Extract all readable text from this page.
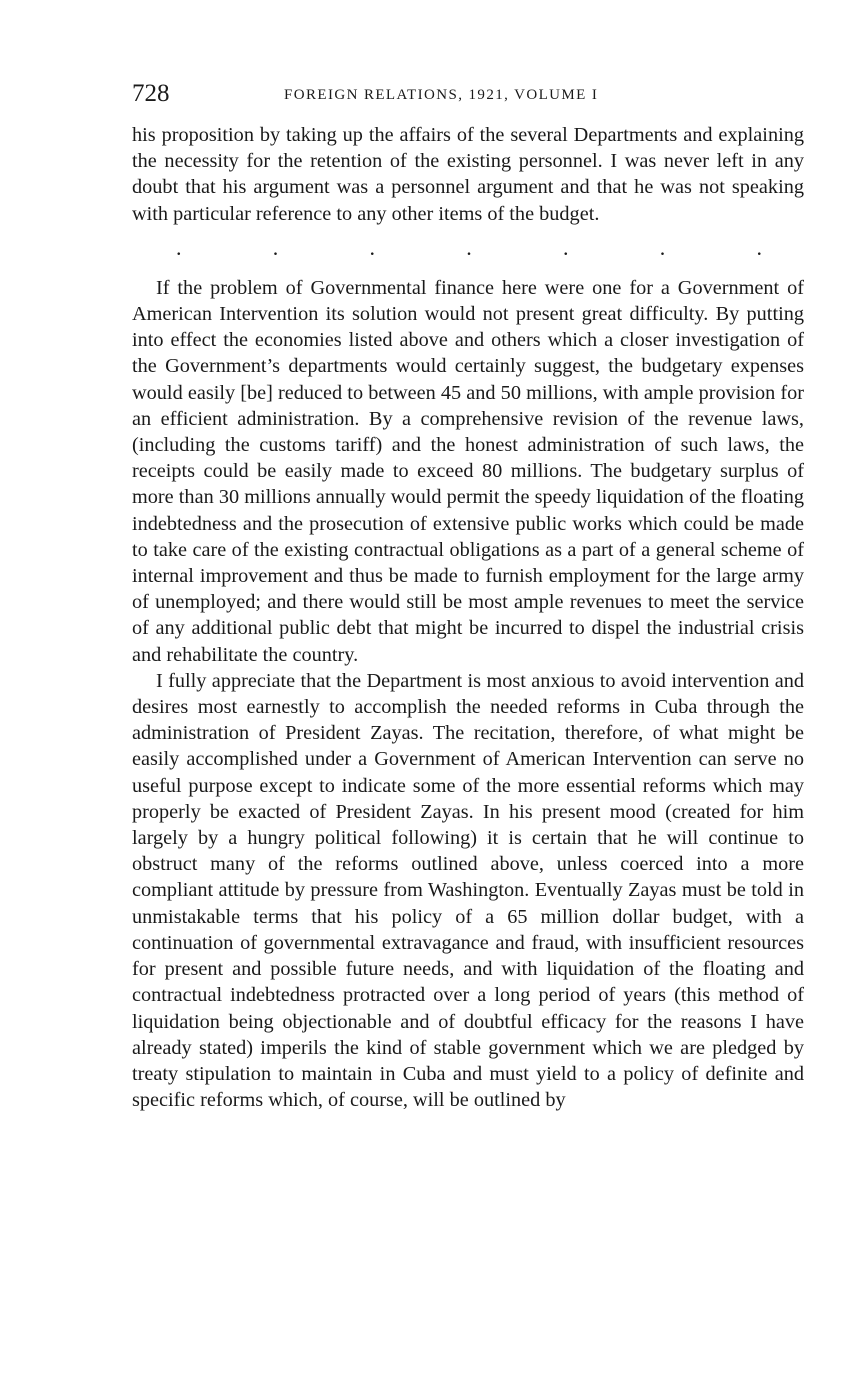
728	FOREIGN RELATIONS, 1921, VOLUME I

his proposition by taking up the affairs of the several Departments and explaining the necessity for the retention of the existing personnel. I was never left in any doubt that his argument was a personnel argument and that he was not speaking with particular reference to any other items of the budget.

.	.	.	.	.	.	.

If the problem of Governmental finance here were one for a Government of American Intervention its solution would not present great difficulty. By putting into effect the economies listed above and others which a closer investigation of the Government’s departments would certainly suggest, the budgetary expenses would easily [be] reduced to between 45 and 50 millions, with ample provision for an efficient administration. By a comprehensive revision of the revenue laws, (including the customs tariff) and the honest administration of such laws, the receipts could be easily made to exceed 80 millions. The budgetary surplus of more than 30 millions annually would permit the speedy liquidation of the floating indebtedness and the prosecution of extensive public works which could be made to take care of the existing contractual obligations as a part of a general scheme of internal improvement and thus be made to furnish employment for the large army of unemployed; and there would still be most ample revenues to meet the service of any additional public debt that might be incurred to dispel the industrial crisis and rehabilitate the country.

I fully appreciate that the Department is most anxious to avoid intervention and desires most earnestly to accomplish the needed reforms in Cuba through the administration of President Zayas. The recitation, therefore, of what might be easily accomplished under a Government of American Intervention can serve no useful purpose except to indicate some of the more essential reforms which may properly be exacted of President Zayas. In his present mood (created for him largely by a hungry political following) it is certain that he will continue to obstruct many of the reforms outlined above, unless coerced into a more compliant attitude by pressure from Washington. Eventually Zayas must be told in unmistakable terms that his policy of a 65 million dollar budget, with a continuation of governmental extravagance and fraud, with insufficient resources for present and possible future needs, and with liquidation of the floating and contractual indebtedness protracted over a long period of years (this method of liquidation being objectionable and of doubtful efficacy for the reasons I have already stated) imperils the kind of stable government which we are pledged by treaty stipulation to maintain in Cuba and must yield to a policy of definite and specific reforms which, of course, will be outlined by
